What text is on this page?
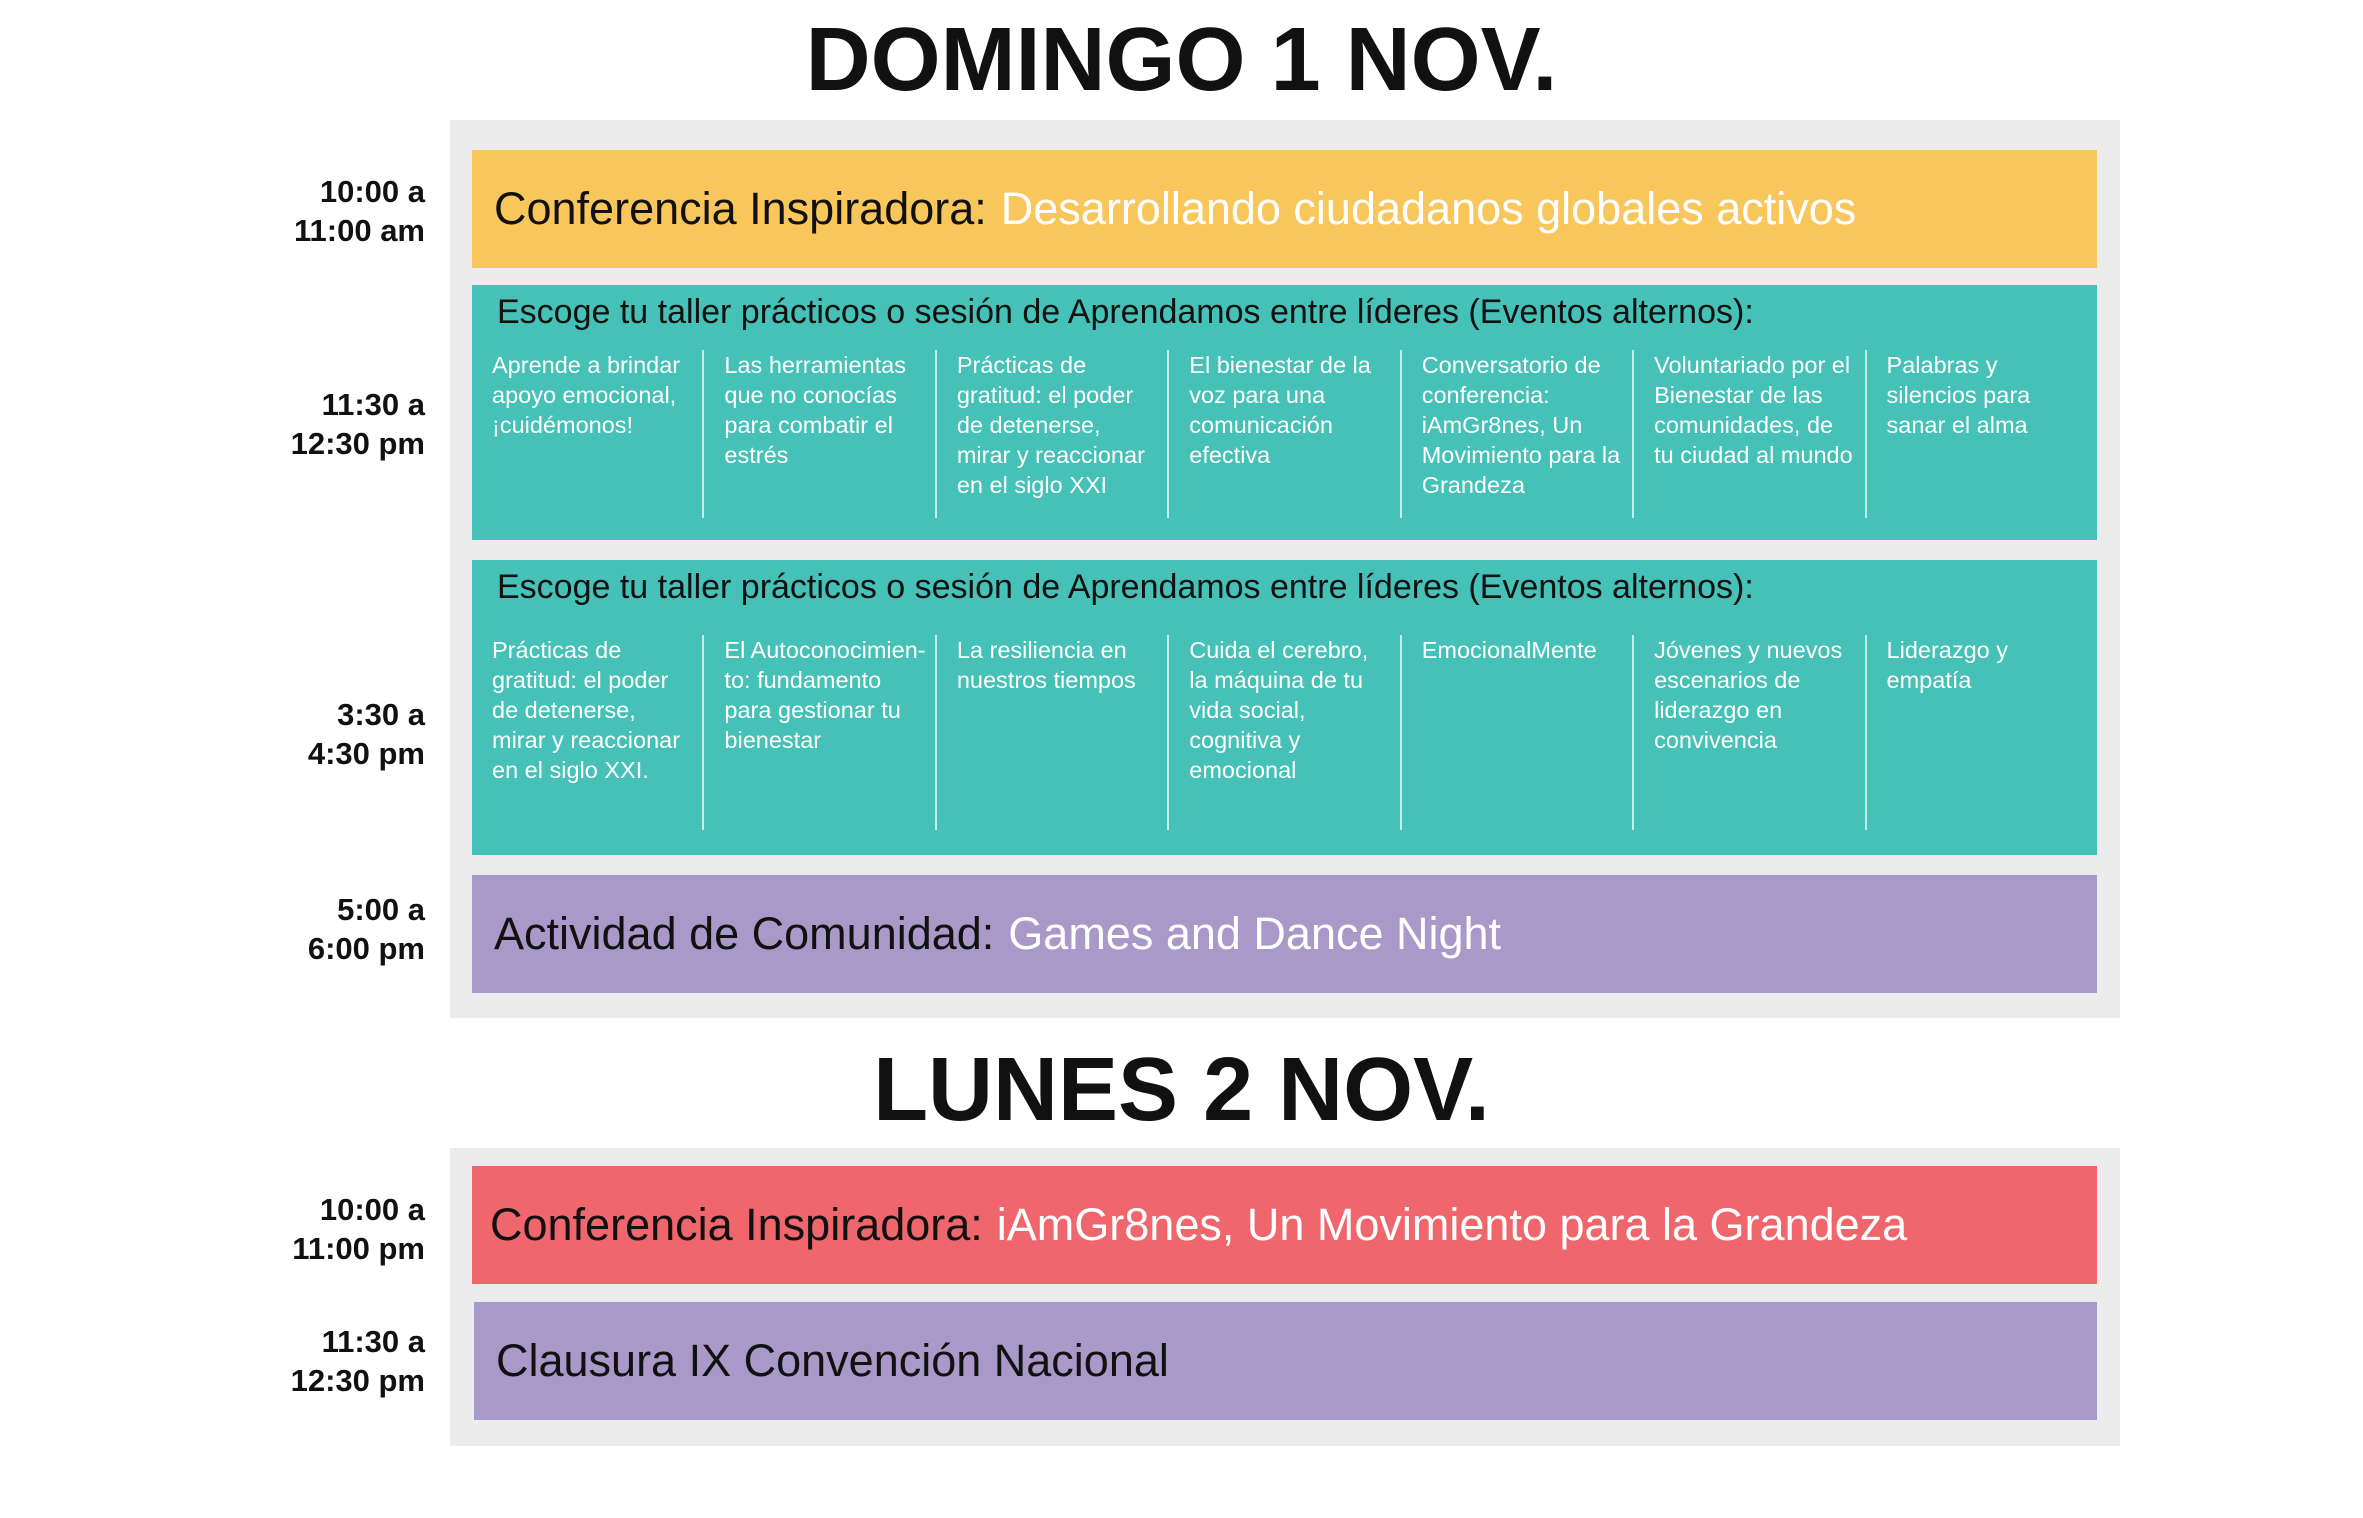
DOMINGO 1 NOV.
10:00 a
11:00 am Conferencia Inspiradora: Desarrollando ciudadanos globales activos
11:30 a
12:30 pm
Escoge tu taller prácticos o sesión de Aprendamos entre líderes (Eventos alternos):
Aprende a brindar apoyo emocional, ¡cuidémonos!
Las herramientas que no conocías para combatir el estrés
Prácticas de gratitud: el poder de detenerse, mirar y reaccionar en el siglo XXI
El bienestar de la voz para una comunicación efectiva
Conversatorio de conferencia: iAmGr8nes, Un Movimiento para la Grandeza
Voluntariado por el Bienestar de las comunidades, de tu ciudad al mundo
Palabras y silencios para sanar el alma
3:30 a
4:30 pm
Escoge tu taller prácticos o sesión de Aprendamos entre líderes (Eventos alternos):
Prácticas de gratitud: el poder de detenerse, mirar y reaccionar en el siglo XXI.
El Autoconocimien-to: fundamento para gestionar tu bienestar
La resiliencia en nuestros tiempos
Cuida el cerebro, la máquina de tu vida social, cognitiva y emocional
EmocionalMente	Jóvenes y nuevos escenarios de liderazgo en convivencia
Liderazgo y empatía
5:00 a
6:00 pm Actividad de Comunidad: Games and Dance Night
LUNES 2 NOV.
10:00 a
11:00 pm Conferencia Inspiradora: iAmGr8nes, Un Movimiento para la Grandeza
11:30 a
12:30 pm Clausura IX Convención Nacional
